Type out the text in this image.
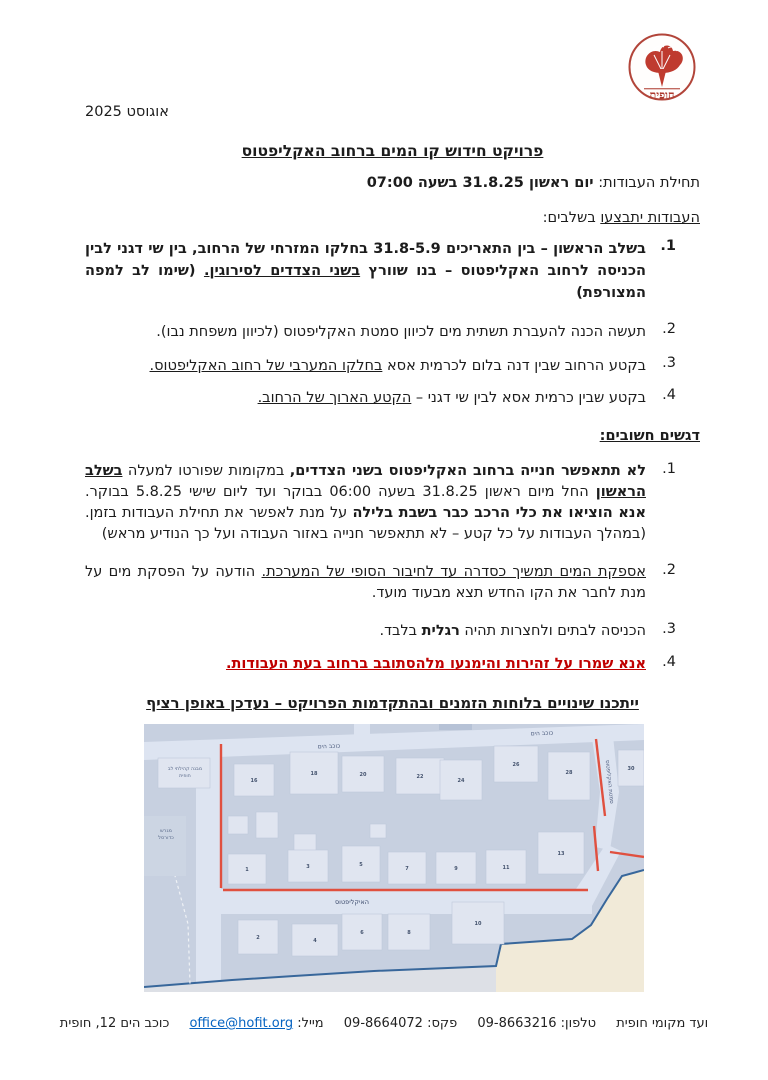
חופית
אוגוסט 2025
פרויקט חידוש קו המים ברחוב האקליפטוס
תחילת העבודות: יום ראשון 31.8.25 בשעה 07:00
העבודות יתבצעו בשלבים:
1.
בשלב הראשון – בין התאריכים 31.8-5.9 בחלקו המזרחי של הרחוב, בין שי דגני לבין הכניסה לרחוב האקליפטוס – בנו שוורץ בשני הצדדים לסירוגין. (שימו לב למפה המצורפת)
2.
תעשה הכנה להעברת תשתית מים לכיוון סמטת האקליפטוס (לכיוון משפחת נבו).
3.
בקטע הרחוב שבין דנה בלום לכרמית אסא בחלקו המערבי של רחוב האקליפטוס.
4.
בקטע שבין כרמית אסא לבין שי דגני – הקטע הארוך של הרחוב.
דגשים חשובים:
1.
לא תתאפשר חנייה ברחוב האקליפטוס בשני הצדדים, במקומות שפורטו למעלה בשלב הראשון החל מיום ראשון 31.8.25 בשעה 06:00 בבוקר ועד ליום שישי 5.8.25 בבוקר. אנא הוציאו את כלי הרכב כבר בשבת בלילה על מנת לאפשר את תחילת העבודות בזמן. (במהלך העבודות על כל קטע – לא תתאפשר חנייה באזור העבודה ועל כך הנודיע מראש)
2.
אספקת המים תמשיך כסדרה עד לחיבור הסופי של המערכת. הודעה על הפסקת מים על מנת לחבר את הקו החדש תצא מבעוד מועד.
3.
הכניסה לבתים ולחצרות תהיה רגלית בלבד.
4.
אנא שמרו על זהירות והימנעו מלהסתובב ברחוב בעת העבודות.
ייתכנו שינויים בלוחות הזמנים ובהתקדמות הפרויקט – נעדכן באופן רציף
כוכב הים
כוכב הים
האיקליפטוס
סמטת האקליפטוס
מבנה קהילתי לב
חופית
מגרש
כדורסל
16
18	20	22
24
26
28
30
1	3	5
7	9	11
13
2	4
6	8
10
ועד מקומי חופית טלפון: 09-8663216 פקס: 09-8664072 מייל: office@hofit.org כוכב הים 12, חופית
